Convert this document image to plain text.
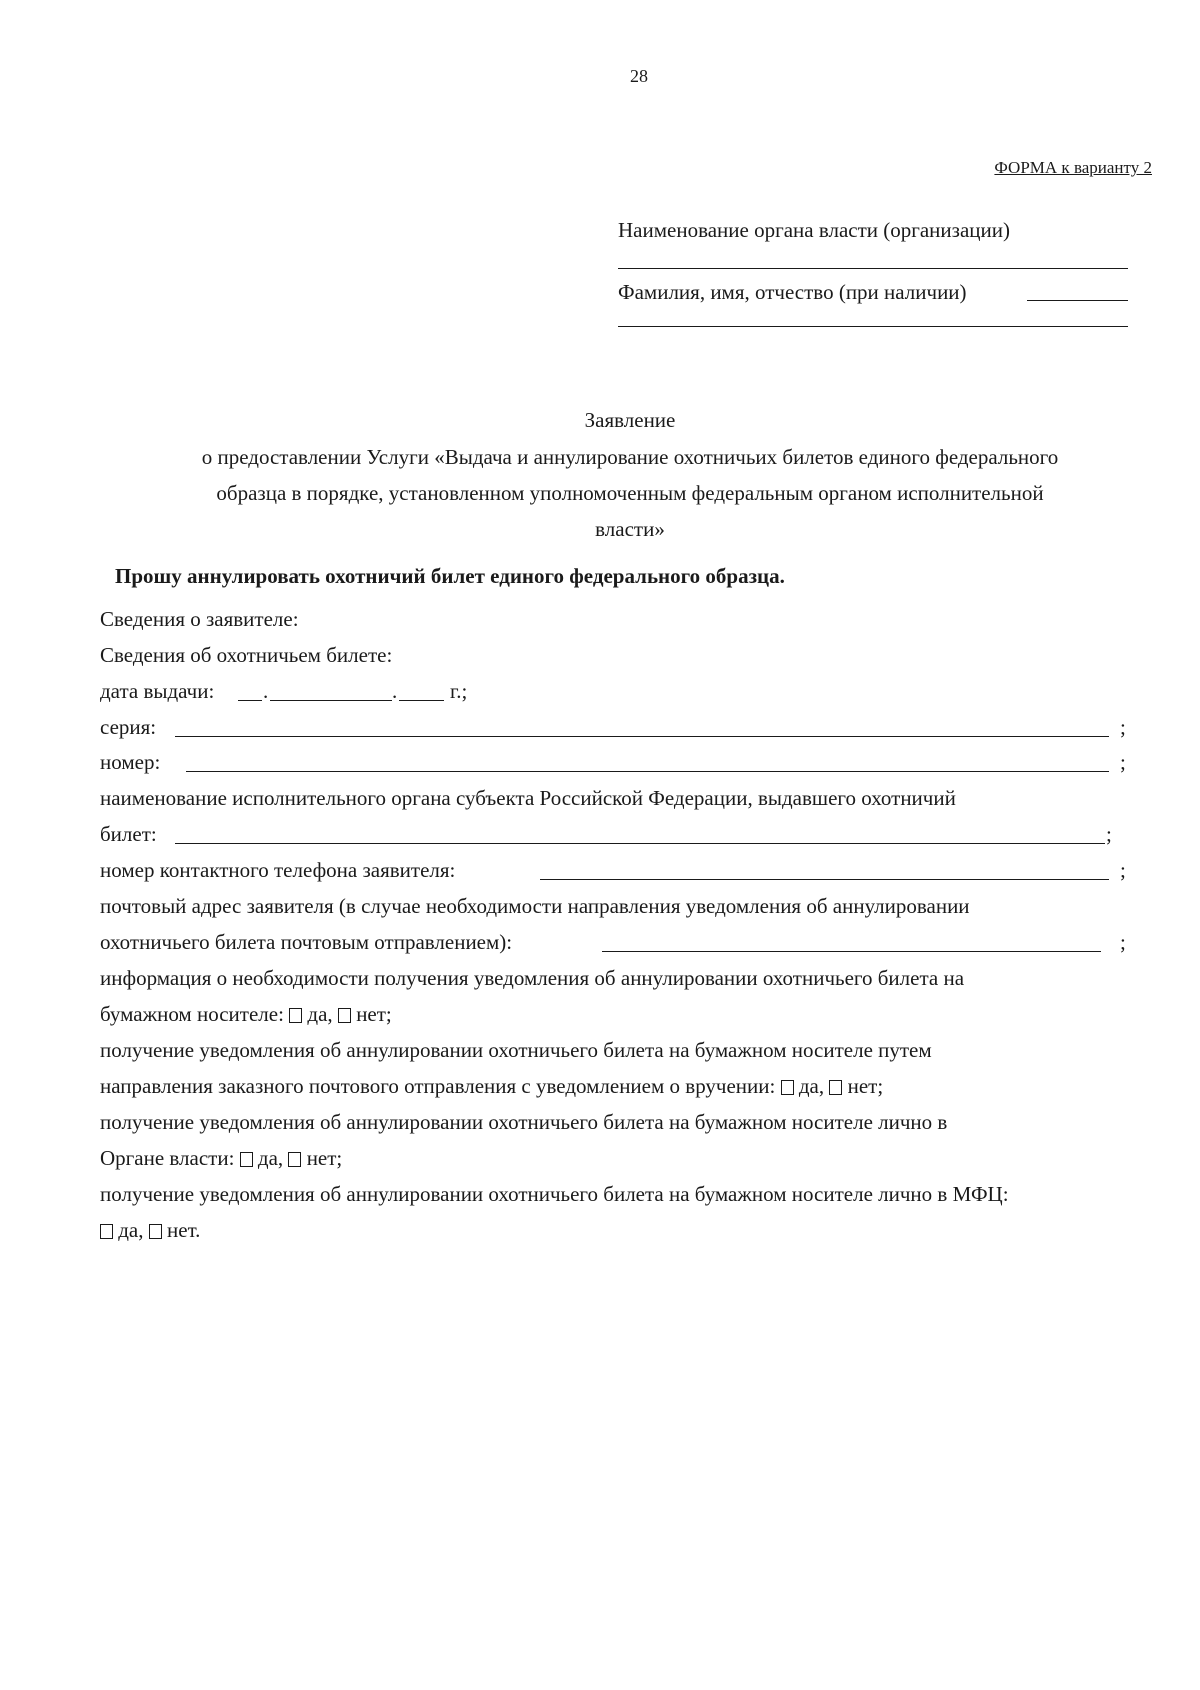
28
ФОРМА к варианту 2
Наименование органа власти (организации)
Фамилия, имя, отчество (при наличии)
Заявление
о предоставлении Услуги «Выдача и аннулирование охотничьих билетов единого федерального
образца в порядке, установленном уполномоченным федеральным органом исполнительной
власти»
Прошу аннулировать охотничий билет единого федерального образца.
Сведения о заявителе:
Сведения об охотничьем билете:
дата выдачи: .	.	г.;
серия:	;
номер:	;
наименование исполнительного органа субъекта Российской Федерации, выдавшего охотничий
билет:	;
номер контактного телефона заявителя:	;
почтовый адрес заявителя (в случае необходимости направления уведомления об аннулировании
охотничьего билета почтовым отправлением):	;
информация о необходимости получения уведомления об аннулировании охотничьего билета на
бумажном носителе: да, нет;
получение уведомления об аннулировании охотничьего билета на бумажном носителе путем
направления заказного почтового отправления с уведомлением о вручении: да, нет;
получение уведомления об аннулировании охотничьего билета на бумажном носителе лично в
Органе власти: да, нет;
получение уведомления об аннулировании охотничьего билета на бумажном носителе лично в МФЦ:
да, нет.
